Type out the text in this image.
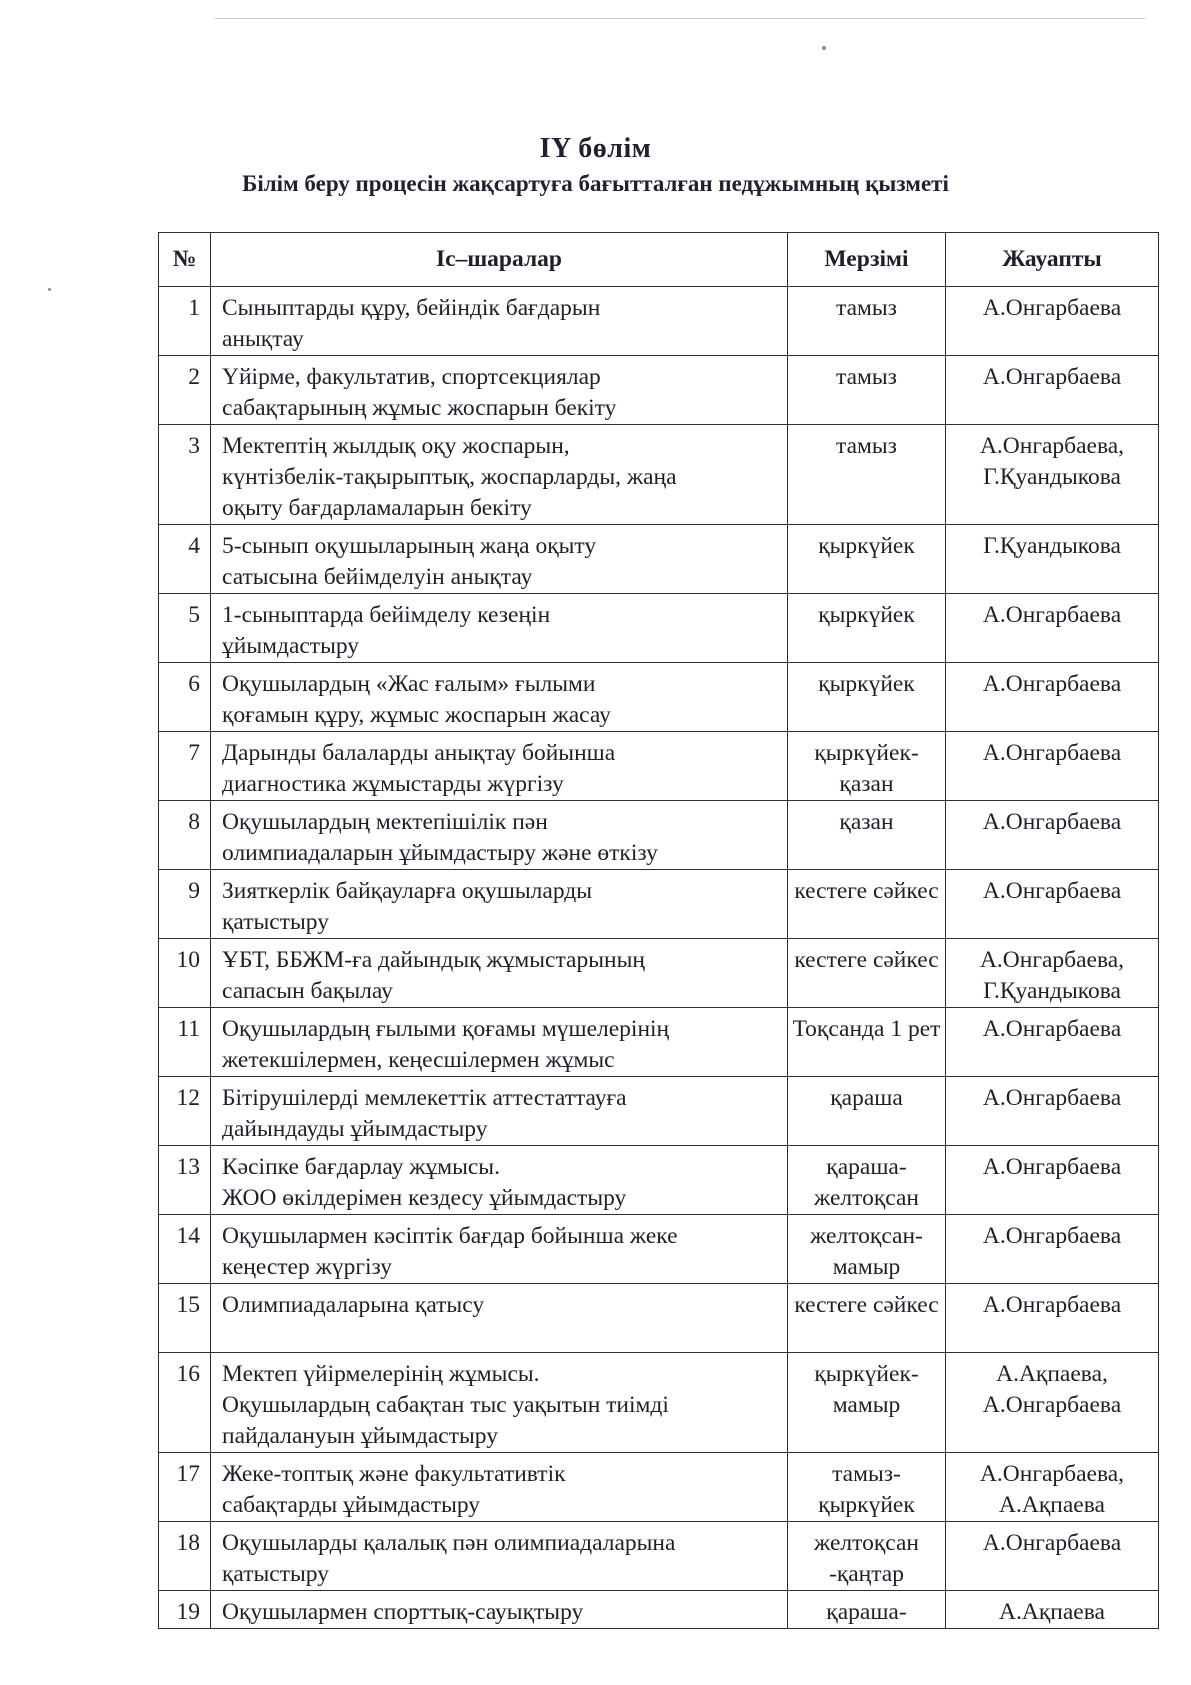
IY бөлім
Білім беру процесін жақсартуға бағытталған педұжымның қызметі
№	Іс–шаралар	Мерзімі	Жауапты
1	Сыныптарды құру, бейіндік бағдарын
анықтау	тамыз	А.Онгарбаева
2	Үйірме, факультатив, спортсекциялар
сабақтарының жұмыс жоспарын бекіту	тамыз	А.Онгарбаева
3	Мектептің жылдық оқу жоспарын,
күнтізбелік-тақырыптық, жоспарларды, жаңа
оқыту бағдарламаларын бекіту	тамыз	А.Онгарбаева, Г.Қуандыкова
4	5-сынып оқушыларының жаңа оқыту
сатысына бейімделуін анықтау	қыркүйек	Г.Қуандыкова
5	1-сыныптарда бейімделу кезеңін
ұйымдастыру	қыркүйек	А.Онгарбаева
6	Оқушылардың «Жас ғалым» ғылыми
қоғамын құру, жұмыс жоспарын жасау	қыркүйек	А.Онгарбаева
7	Дарынды балаларды анықтау бойынша
диагностика жұмыстарды жүргізу	қыркүйек- қазан	А.Онгарбаева
8	Оқушылардың мектепішілік пән
олимпиадаларын ұйымдастыру және өткізу	қазан	А.Онгарбаева
9	Зияткерлік байқауларға оқушыларды
қатыстыру	кестеге сәйкес	А.Онгарбаева
10	ҰБТ, ББЖМ-ға дайындық жұмыстарының
сапасын бақылау	кестеге сәйкес	А.Онгарбаева, Г.Қуандыкова
11	Оқушылардың ғылыми қоғамы мүшелерінің
жетекшілермен, кеңесшілермен жұмыс	Тоқсанда 1 рет	А.Онгарбаева
12	Бітірушілерді мемлекеттік аттестаттауға
дайындауды ұйымдастыру	қараша	А.Онгарбаева
13	Кәсіпке бағдарлау жұмысы.
ЖОО өкілдерімен кездесу ұйымдастыру	қараша- желтоқсан	А.Онгарбаева
14	Оқушылармен кәсіптік бағдар бойынша жеке
кеңестер жүргізу	желтоқсан- мамыр	А.Онгарбаева
15	Олимпиадаларына қатысу	кестеге сәйкес	А.Онгарбаева
16	Мектеп үйірмелерінің жұмысы.
Оқушылардың сабақтан тыс уақытын тиімді
пайдалануын ұйымдастыру	қыркүйек- мамыр	А.Ақпаева, А.Онгарбаева
17	Жеке-топтық және факультативтік
сабақтарды ұйымдастыру	тамыз- қыркүйек	А.Онгарбаева, А.Ақпаева
18	Оқушыларды қалалық пән олимпиадаларына
қатыстыру	желтоқсан -қаңтар	А.Онгарбаева
19	Оқушылармен спорттық-сауықтыру	қараша-	А.Ақпаева
